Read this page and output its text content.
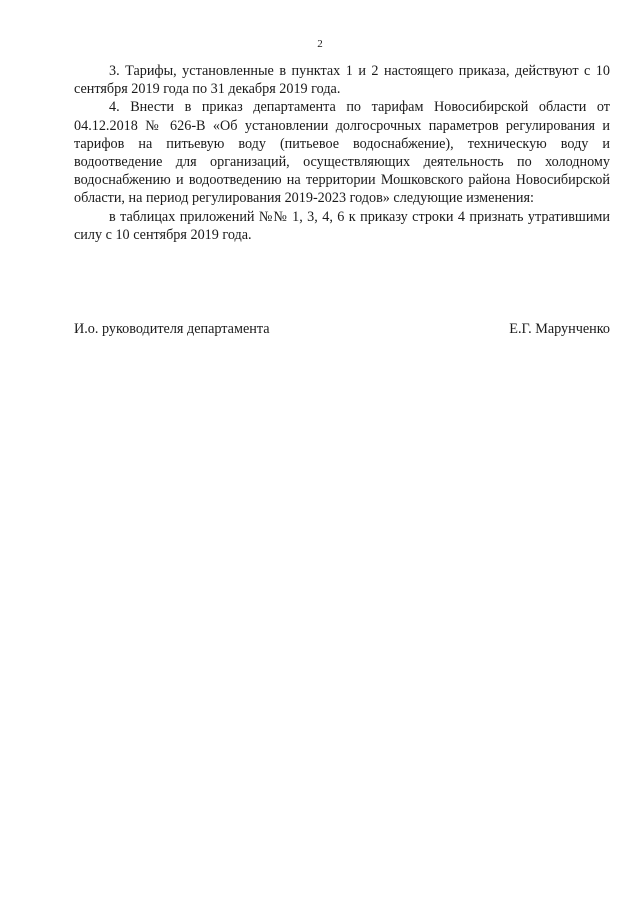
2

3. Тарифы, установленные в пунктах 1 и 2 настоящего приказа, действуют с 10 сентября 2019 года по 31 декабря 2019 года.

4. Внести в приказ департамента по тарифам Новосибирской области от 04.12.2018 № 626-В «Об установлении долгосрочных параметров регулирования и тарифов на питьевую воду (питьевое водоснабжение), техническую воду и водоотведение для организаций, осуществляющих деятельность по холодному водоснабжению и водоотведению на территории Мошковского района Новосибирской области, на период регулирования 2019-2023 годов» следующие изменения:

в таблицах приложений №№ 1, 3, 4, 6 к приказу строки 4 признать утратившими силу с 10 сентября 2019 года.

И.о. руководителя департамента	Е.Г. Марунченко
